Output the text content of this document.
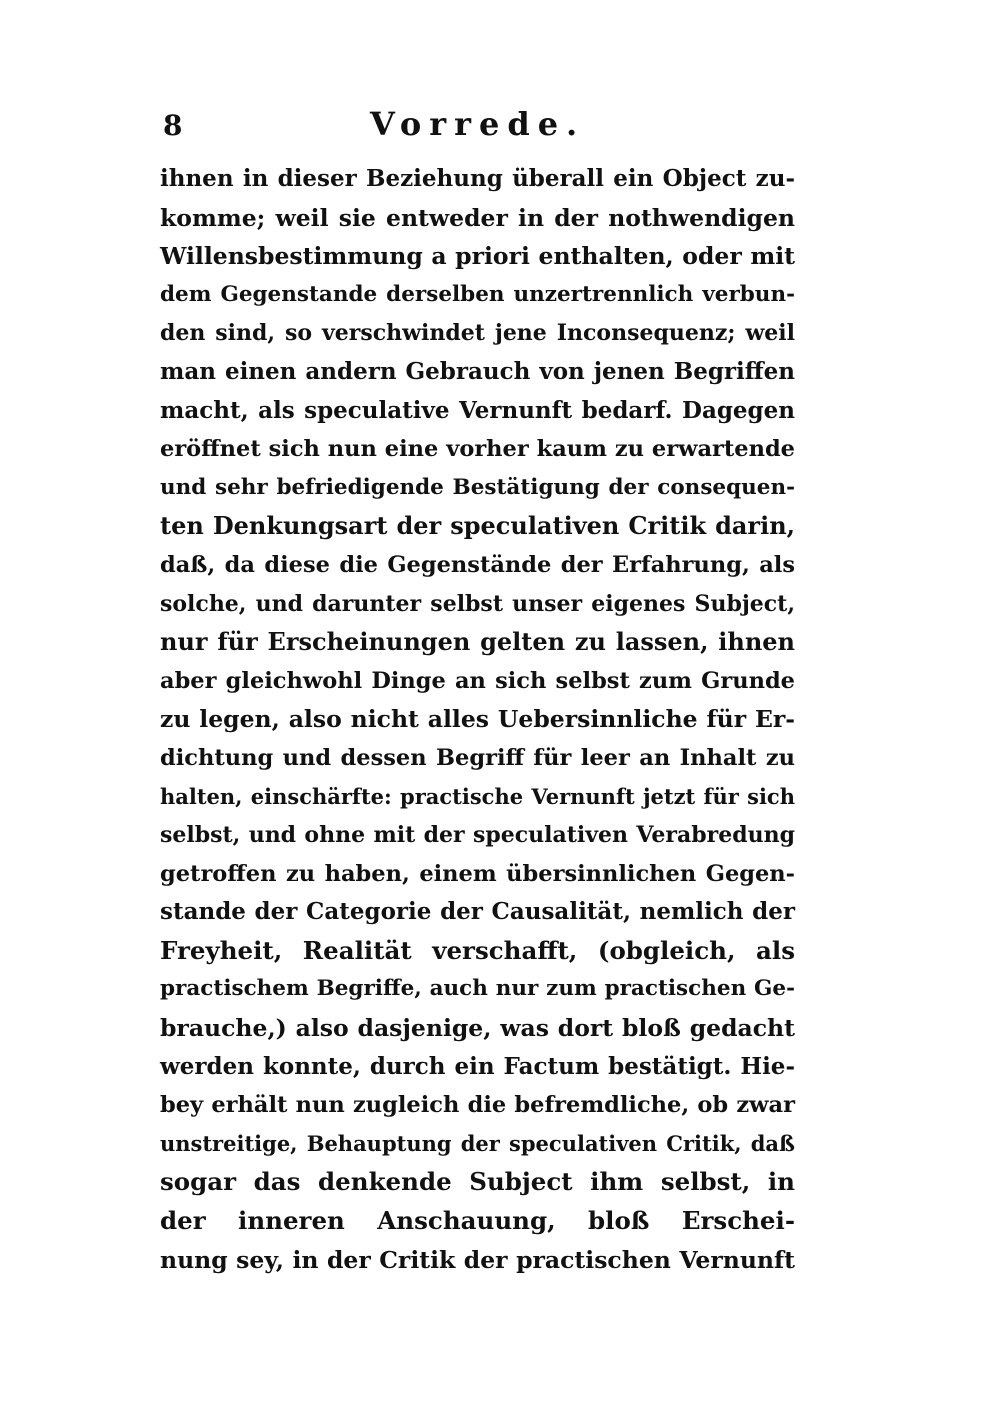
8	Vorrede.
ihnen in dieser Beziehung überall ein Object zu-
komme; weil sie entweder in der nothwendigen
Willensbestimmung a priori enthalten, oder mit
dem Gegenstande derselben unzertrennlich verbun-
den sind, so verschwindet jene Inconsequenz; weil
man einen andern Gebrauch von jenen Begriffen
macht, als speculative Vernunft bedarf. Dagegen
eröffnet sich nun eine vorher kaum zu erwartende
und sehr befriedigende Bestätigung der consequen-
ten Denkungsart der speculativen Critik darin,
daß, da diese die Gegenstände der Erfahrung, als
solche, und darunter selbst unser eigenes Subject,
nur für Erscheinungen gelten zu lassen, ihnen
aber gleichwohl Dinge an sich selbst zum Grunde
zu legen, also nicht alles Uebersinnliche für Er-
dichtung und dessen Begriff für leer an Inhalt zu
halten, einschärfte: practische Vernunft jetzt für sich
selbst, und ohne mit der speculativen Verabredung
getroffen zu haben, einem übersinnlichen Gegen-
stande der Categorie der Causalität, nemlich der
Freyheit, Realität verschafft, (obgleich, als
practischem Begriffe, auch nur zum practischen Ge-
brauche,) also dasjenige, was dort bloß gedacht
werden konnte, durch ein Factum bestätigt. Hie-
bey erhält nun zugleich die befremdliche, ob zwar
unstreitige, Behauptung der speculativen Critik, daß
sogar das denkende Subject ihm selbst, in
der inneren Anschauung, bloß Erschei-
nung sey, in der Critik der practischen Vernunft
